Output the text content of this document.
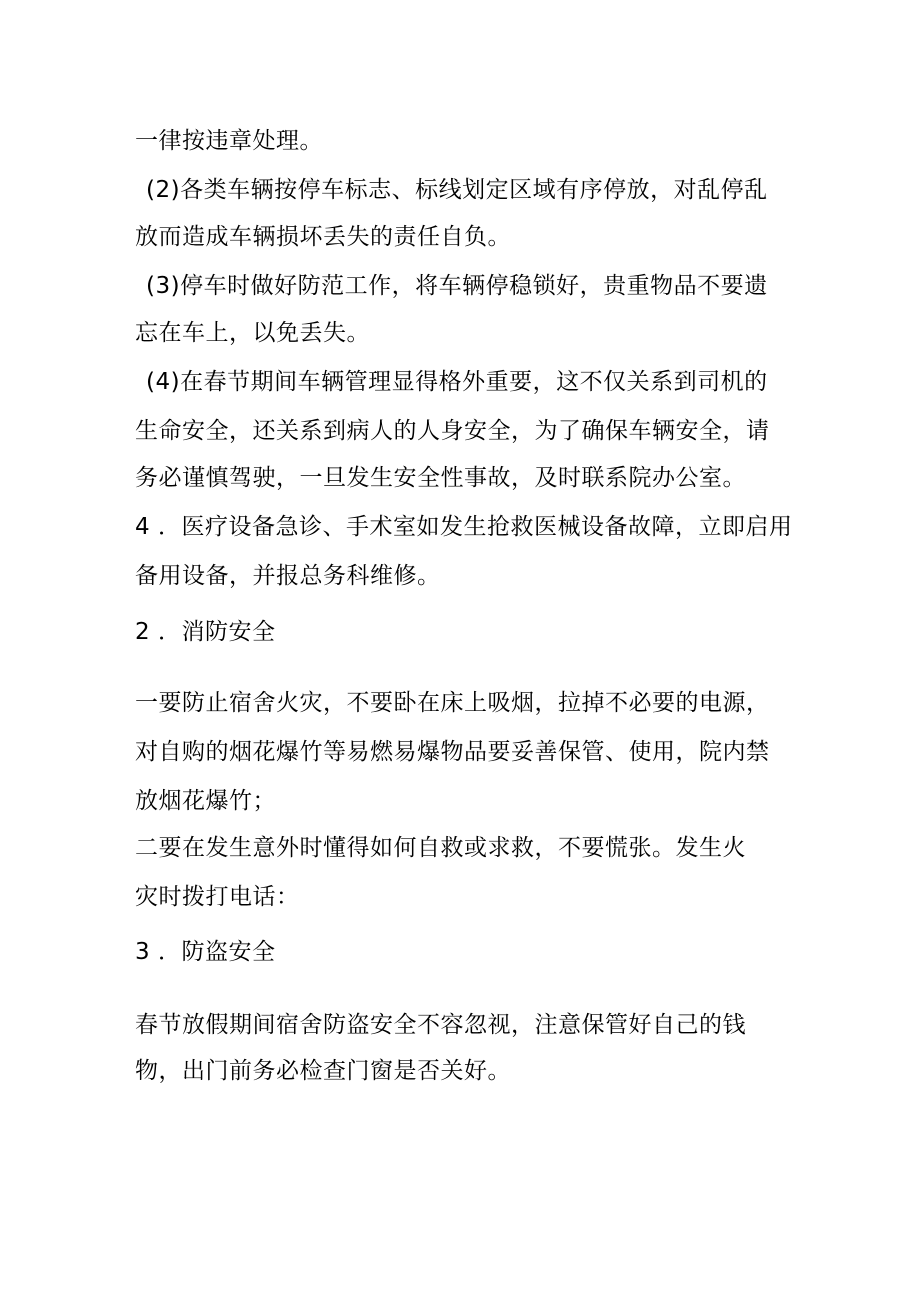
一律按违章处理。
(2)各类车辆按停车标志、标线划定区域有序停放，对乱停乱
放而造成车辆损坏丢失的责任自负。
(3)停车时做好防范工作，将车辆停稳锁好，贵重物品不要遗
忘在车上，以免丢失。
(4)在春节期间车辆管理显得格外重要，这不仅关系到司机的
生命安全，还关系到病人的人身安全，为了确保车辆安全，请
务必谨慎驾驶，一旦发生安全性事故，及时联系院办公室。
4 ．医疗设备急诊、手术室如发生抢救医械设备故障，立即启用
备用设备，并报总务科维修。
2 ．消防安全
一要防止宿舍火灾，不要卧在床上吸烟，拉掉不必要的电源，
对自购的烟花爆竹等易燃易爆物品要妥善保管、使用，院内禁
放烟花爆竹；
二要在发生意外时懂得如何自救或求救，不要慌张。发生火
灾时拨打电话：
3 ．防盗安全
春节放假期间宿舍防盗安全不容忽视，注意保管好自己的钱
物，出门前务必检查门窗是否关好。
